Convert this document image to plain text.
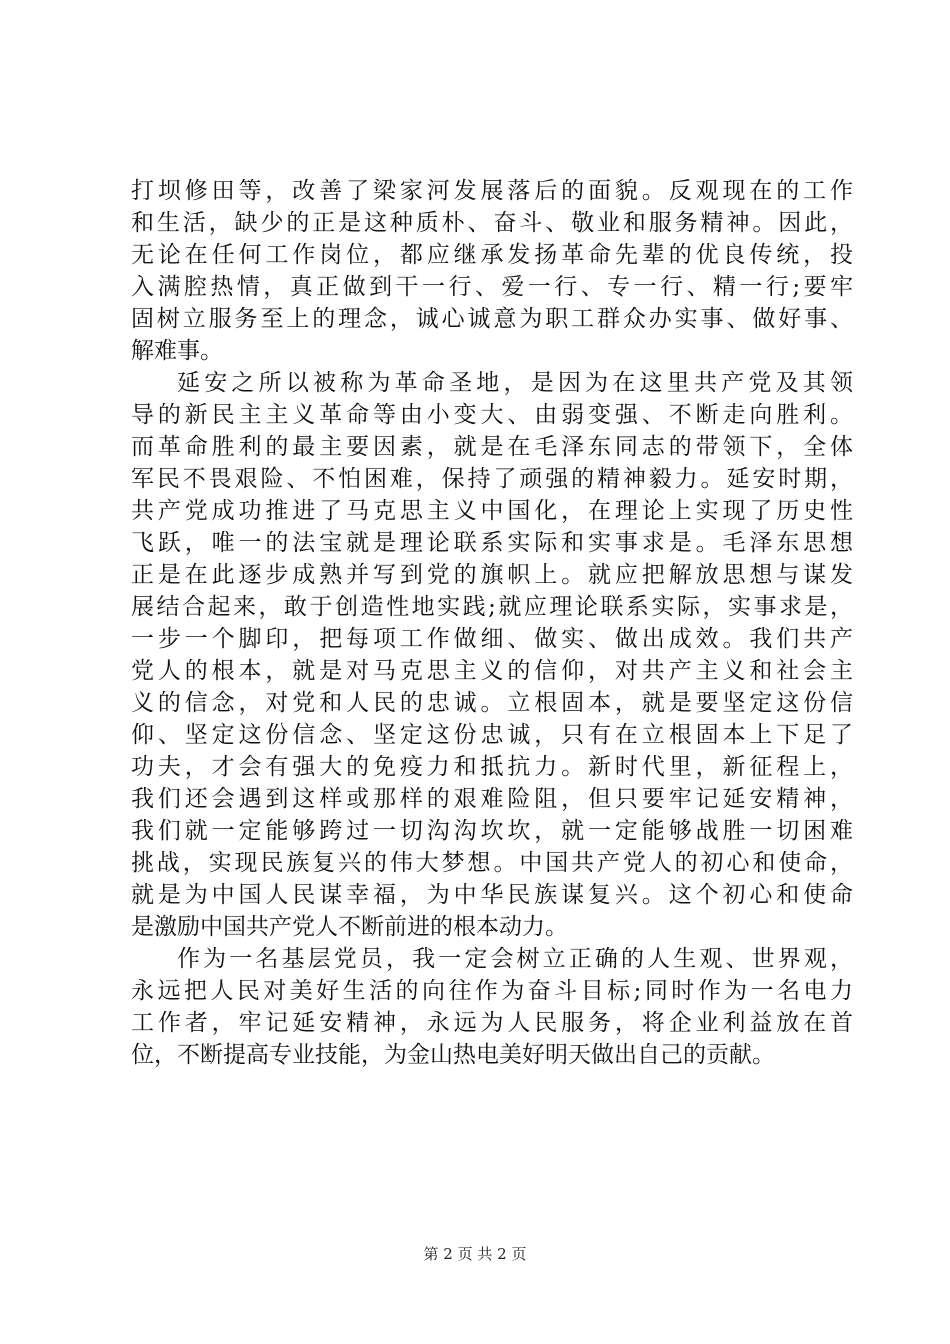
打坝修田等，改善了梁家河发展落后的面貌。反观现在的工作
和生活，缺少的正是这种质朴、奋斗、敬业和服务精神。因此，
无论在任何工作岗位，都应继承发扬革命先辈的优良传统，投
入满腔热情，真正做到干一行、爱一行、专一行、精一行;要牢
固树立服务至上的理念，诚心诚意为职工群众办实事、做好事、
解难事。
延安之所以被称为革命圣地，是因为在这里共产党及其领
导的新民主主义革命等由小变大、由弱变强、不断走向胜利。
而革命胜利的最主要因素，就是在毛泽东同志的带领下，全体
军民不畏艰险、不怕困难，保持了顽强的精神毅力。延安时期，
共产党成功推进了马克思主义中国化，在理论上实现了历史性
飞跃，唯一的法宝就是理论联系实际和实事求是。毛泽东思想
正是在此逐步成熟并写到党的旗帜上。就应把解放思想与谋发
展结合起来，敢于创造性地实践;就应理论联系实际，实事求是，
一步一个脚印，把每项工作做细、做实、做出成效。我们共产
党人的根本，就是对马克思主义的信仰，对共产主义和社会主
义的信念，对党和人民的忠诚。立根固本，就是要坚定这份信
仰、坚定这份信念、坚定这份忠诚，只有在立根固本上下足了
功夫，才会有强大的免疫力和抵抗力。新时代里，新征程上，
我们还会遇到这样或那样的艰难险阻，但只要牢记延安精神，
我们就一定能够跨过一切沟沟坎坎，就一定能够战胜一切困难
挑战，实现民族复兴的伟大梦想。中国共产党人的初心和使命，
就是为中国人民谋幸福，为中华民族谋复兴。这个初心和使命
是激励中国共产党人不断前进的根本动力。
作为一名基层党员，我一定会树立正确的人生观、世界观，
永远把人民对美好生活的向往作为奋斗目标;同时作为一名电力
工作者，牢记延安精神，永远为人民服务，将企业利益放在首
位，不断提高专业技能，为金山热电美好明天做出自己的贡献。
第 2 页 共 2 页
